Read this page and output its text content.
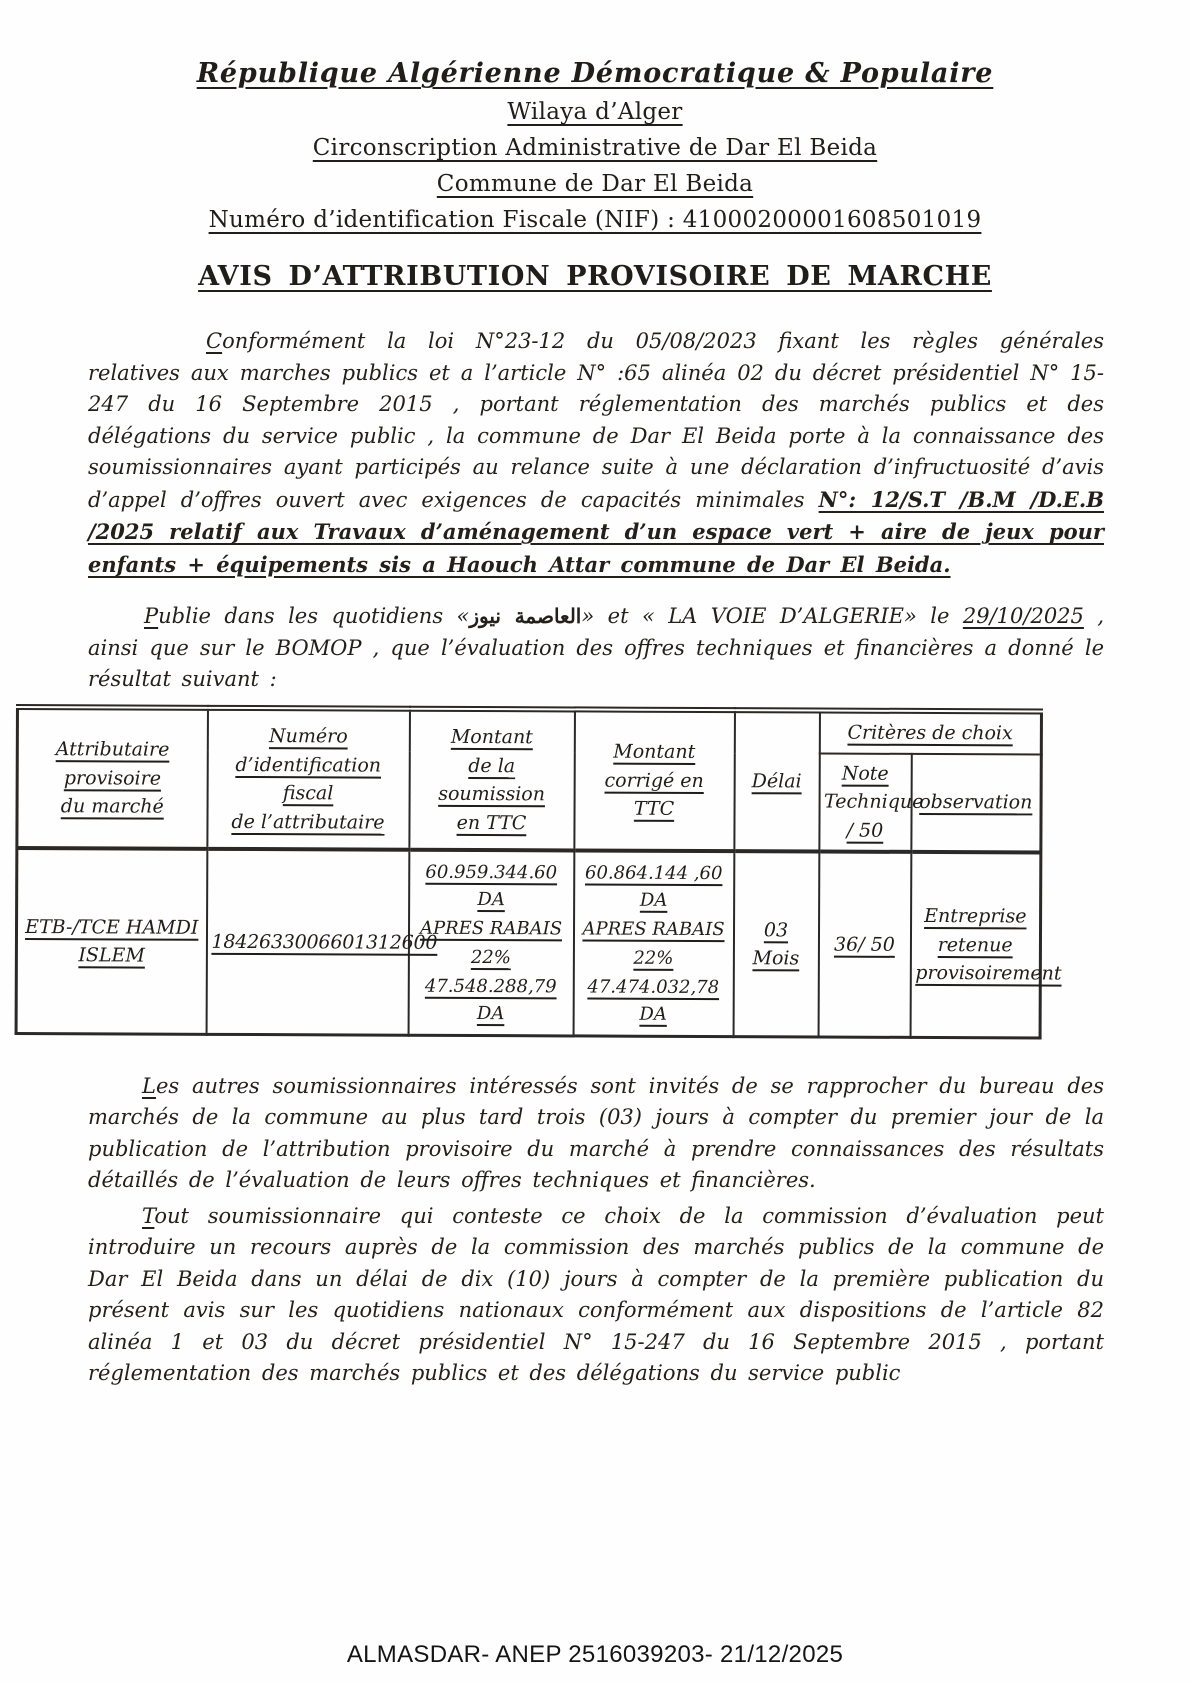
République Algérienne Démocratique & Populaire
Wilaya d’Alger
Circonscription Administrative de Dar El Beida
Commune de Dar El Beida
Numéro d’identification Fiscale (NIF) : 41000200001608501019
AVIS D’ATTRIBUTION PROVISOIRE DE MARCHE

Conformément la loi N°23-12 du 05/08/2023 fixant les règles générales relatives aux marches publics et a l’article N° :65 alinéa 02 du décret présidentiel N° 15-247 du 16 Septembre 2015 , portant réglementation des marchés publics et des délégations du service public , la commune de Dar El Beida porte à la connaissance des soumissionnaires ayant participés au relance suite à une déclaration d’infructuosité d’avis d’appel d’offres ouvert avec exigences de capacités minimales N°: 12/S.T /B.M /D.E.B /2025 relatif aux Travaux d’aménagement d’un espace vert + aire de jeux pour enfants + équipements sis a Haouch Attar commune de Dar El Beida.

Publie dans les quotidiens «العاصمة نيوز» et « LA VOIE D’ALGERIE» le 29/10/2025 , ainsi que sur le BOMOP , que l’évaluation des offres techniques et financières a donné le résultat suivant :

Attributaire provisoire
du marché	Numéro
d’identification fiscal
de l’attributaire	Montant
de la
soumission
en TTC	Montant corrigé en
TTC	Délai	Critères de choix	

					Note
Technique
/ 50	observation

ETB-/TCE HAMDI
ISLEM	1842633006601312600	60.959.344.60 DA
APRES RABAIS
22%
47.548.288,79 DA	60.864.144 ,60 DA
APRES RABAIS
22%
47.474.032,78 DA	03
Mois	36/ 50	Entreprise
retenue
provisoirement

Les autres soumissionnaires intéressés sont invités de se rapprocher du bureau des marchés de la commune au plus tard trois (03) jours à compter du premier jour de la publication de l’attribution provisoire du marché à prendre connaissances des résultats détaillés de l’évaluation de leurs offres techniques et financières.

Tout soumissionnaire qui conteste ce choix de la commission d’évaluation peut introduire un recours auprès de la commission des marchés publics de la commune de Dar El Beida dans un délai de dix (10) jours à compter de la première publication du présent avis sur les quotidiens nationaux conformément aux dispositions de l’article 82 alinéa 1 et 03 du décret présidentiel N° 15-247 du 16 Septembre 2015 , portant réglementation des marchés publics et des délégations du service public

ALMASDAR- ANEP 2516039203- 21/12/2025
